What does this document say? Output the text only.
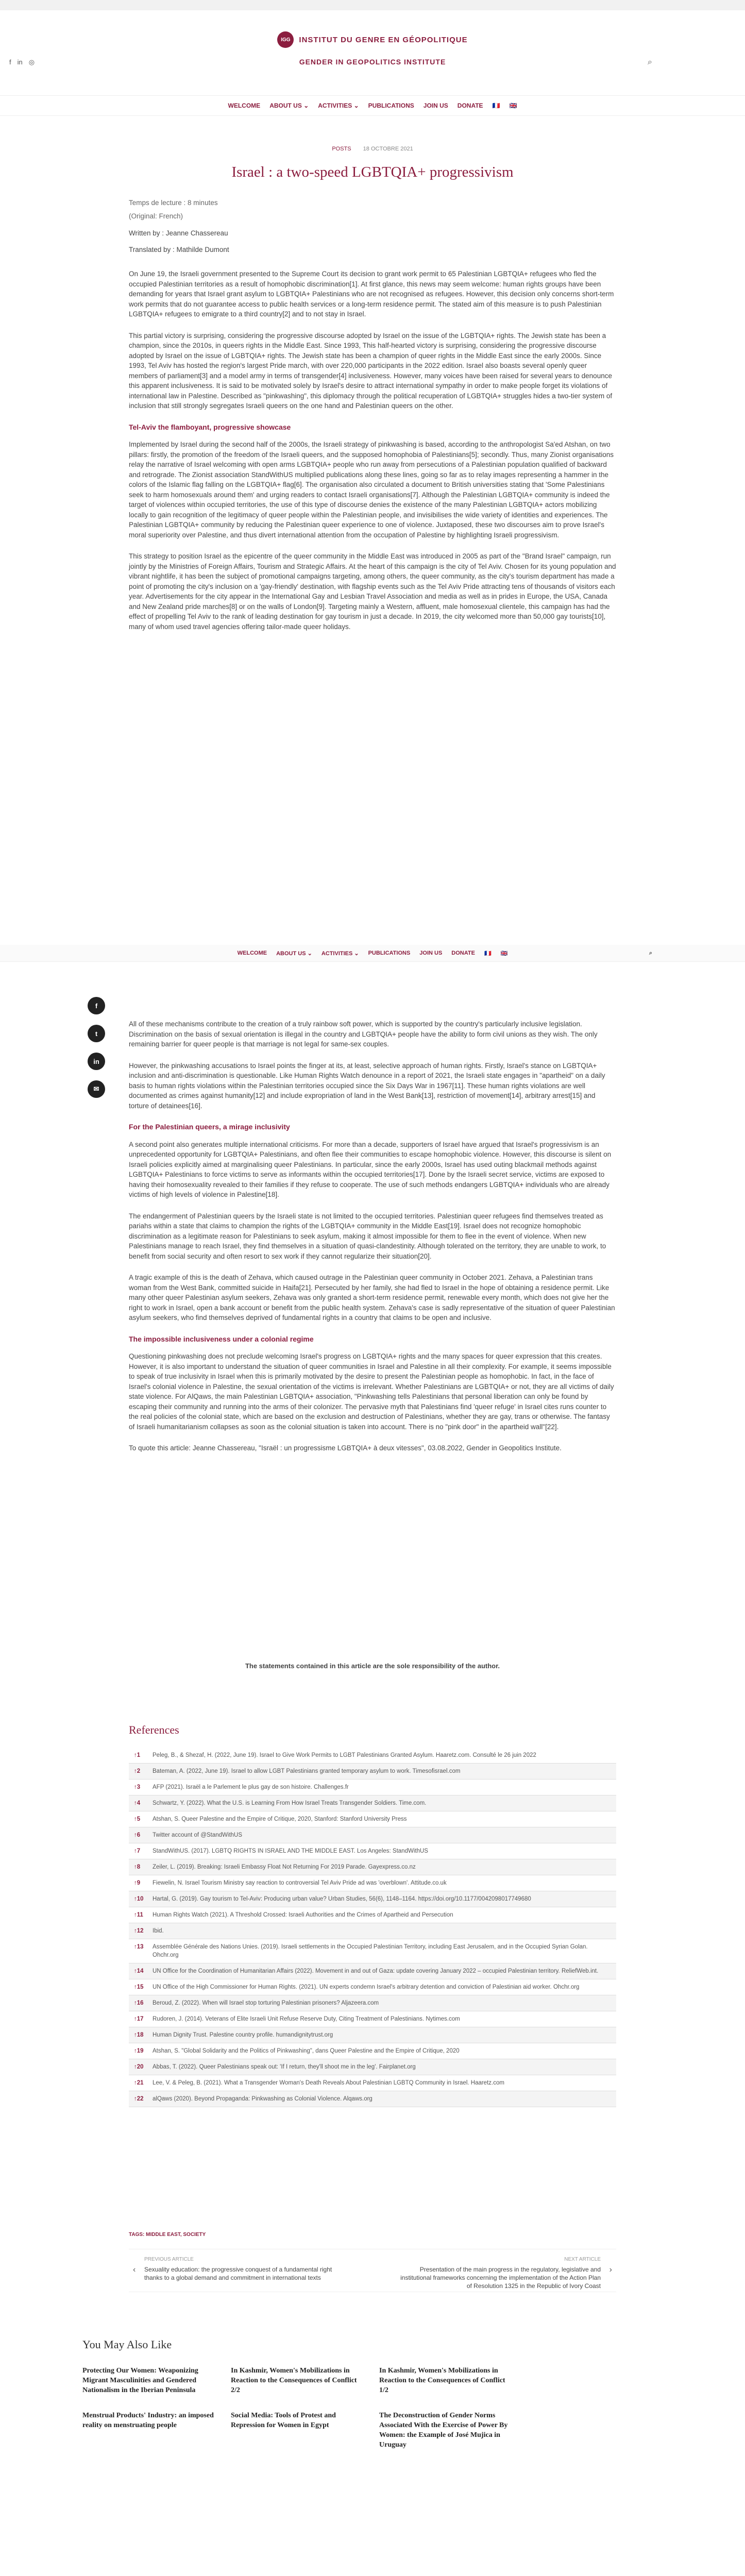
f in ◎
IGG	INSTITUT DU GENRE EN GÉOPOLITIQUE
GENDER IN GEOPOLITICS INSTITUTE	⌕
WELCOME ABOUT US ⌄ ACTIVITIES ⌄ PUBLICATIONS JOIN US DONATE 🇫🇷 🇬🇧
POSTS 18 OCTOBRE 2021
Israel : a two-speed LGBTQIA+ progressivism

Temps de lecture : 8 minutes

(Original: French)

Written by : Jeanne Chassereau

Translated by : Mathilde Dumont

On June 19, the Israeli government presented to the Supreme Court its decision to grant work permit to 65 Palestinian LGBTQIA+ refugees who fled the occupied Palestinian territories as a result of homophobic discrimination[1]. At first glance, this news may seem welcome: human rights groups have been demanding for years that Israel grant asylum to LGBTQIA+ Palestinians who are not recognised as refugees. However, this decision only concerns short-term work permits that do not guarantee access to public health services or a long-term residence permit. The stated aim of this measure is to push Palestinian LGBTQIA+ refugees to emigrate to a third country[2] and to not stay in Israel.

This partial victory is surprising, considering the progressive discourse adopted by Israel on the issue of the LGBTQIA+ rights. The Jewish state has been a champion, since the 2010s, in queers rights in the Middle East. Since 1993, This half-hearted victory is surprising, considering the progressive discourse adopted by Israel on the issue of LGBTQIA+ rights. The Jewish state has been a champion of queer rights in the Middle East since the early 2000s. Since 1993, Tel Aviv has hosted the region's largest Pride march, with over 220,000 participants in the 2022 edition. Israel also boasts several openly queer members of parliament[3] and a model army in terms of transgender[4] inclusiveness. However, many voices have been raised for several years to denounce this apparent inclusiveness. It is said to be motivated solely by Israel's desire to attract international sympathy in order to make people forget its violations of international law in Palestine. Described as "pinkwashing", this diplomacy through the political recuperation of LGBTQIA+ struggles hides a two-tier system of inclusion that still strongly segregates Israeli queers on the one hand and Palestinian queers on the other.

Tel-Aviv the flamboyant, progressive showcase

Implemented by Israel during the second half of the 2000s, the Israeli strategy of pinkwashing is based, according to the anthropologist Sa'ed Atshan, on two pillars: firstly, the promotion of the freedom of the Israeli queers, and the supposed homophobia of Palestinians[5]; secondly. Thus, many Zionist organisations relay the narrative of Israel welcoming with open arms LGBTQIA+ people who run away from persecutions of a Palestinian population qualified of backward and retrograde. The Zionist association StandWithUS multiplied publications along these lines, going so far as to relay images representing a hammer in the colors of the Islamic flag falling on the LGBTQIA+ flag[6]. The organisation also circulated a document to British universities stating that 'Some Palestinians seek to harm homosexuals around them' and urging readers to contact Israeli organisations[7]. Although the Palestinian LGBTQIA+ community is indeed the target of violences within occupied territories, the use of this type of discourse denies the existence of the many Palestinian LGBTQIA+ actors mobilizing locally to gain recognition of the legitimacy of queer people within the Palestinian people, and invisibilises the wide variety of identities and experiences. The Palestinian LGBTQIA+ community by reducing the Palestinian queer experience to one of violence. Juxtaposed, these two discourses aim to prove Israel's moral superiority over Palestine, and thus divert international attention from the occupation of Palestine by highlighting Israeli progressivism.

This strategy to position Israel as the epicentre of the queer community in the Middle East was introduced in 2005 as part of the "Brand Israel" campaign, run jointly by the Ministries of Foreign Affairs, Tourism and Strategic Affairs. At the heart of this campaign is the city of Tel Aviv. Chosen for its young population and vibrant nightlife, it has been the subject of promotional campaigns targeting, among others, the queer community, as the city's tourism department has made a point of promoting the city's inclusion on a 'gay-friendly' destination, with flagship events such as the Tel Aviv Pride attracting tens of thousands of visitors each year. Advertisements for the city appear in the International Gay and Lesbian Travel Association and media as well as in prides in Europe, the USA, Canada and New Zealand pride marches[8] or on the walls of London[9]. Targeting mainly a Western, affluent, male homosexual clientele, this campaign has had the effect of propelling Tel Aviv to the rank of leading destination for gay tourism in just a decade. In 2019, the city welcomed more than 50,000 gay tourists[10], many of whom used travel agencies offering tailor-made queer holidays.

WELCOME ABOUT US ⌄ ACTIVITIES ⌄ PUBLICATIONS JOIN US DONATE 🇫🇷 🇬🇧	⌕
f
t
in
✉

All of these mechanisms contribute to the creation of a truly rainbow soft power, which is supported by the country's particularly inclusive legislation. Discrimination on the basis of sexual orientation is illegal in the country and LGBTQIA+ people have the ability to form civil unions as they wish. The only remaining barrier for queer people is that marriage is not legal for same-sex couples.

However, the pinkwashing accusations to Israel points the finger at its, at least, selective approach of human rights. Firstly, Israel's stance on LGBTQIA+ inclusion and anti-discrimination is questionable. Like Human Rights Watch denounce in a report of 2021, the Israeli state engages in "apartheid" on a daily basis to human rights violations within the Palestinian territories occupied since the Six Days War in 1967[11]. These human rights violations are well documented as crimes against humanity[12] and include expropriation of land in the West Bank[13], restriction of movement[14], arbitrary arrest[15] and torture of detainees[16].

For the Palestinian queers, a mirage inclusivity

A second point also generates multiple international criticisms. For more than a decade, supporters of Israel have argued that Israel's progressivism is an unprecedented opportunity for LGBTQIA+ Palestinians, and often flee their communities to escape homophobic violence. However, this discourse is silent on Israeli policies explicitly aimed at marginalising queer Palestinians. In particular, since the early 2000s, Israel has used outing blackmail methods against LGBTQIA+ Palestinians to force victims to serve as informants within the occupied territories[17]. Done by the Israeli secret service, victims are exposed to having their homosexuality revealed to their families if they refuse to cooperate. The use of such methods endangers LGBTQIA+ individuals who are already victims of high levels of violence in Palestine[18].

The endangerment of Palestinian queers by the Israeli state is not limited to the occupied territories. Palestinian queer refugees find themselves treated as pariahs within a state that claims to champion the rights of the LGBTQIA+ community in the Middle East[19]. Israel does not recognize homophobic discrimination as a legitimate reason for Palestinians to seek asylum, making it almost impossible for them to flee in the event of violence. When new Palestinians manage to reach Israel, they find themselves in a situation of quasi-clandestinity. Although tolerated on the territory, they are unable to work, to benefit from social security and often resort to sex work if they cannot regularize their situation[20].

A tragic example of this is the death of Zehava, which caused outrage in the Palestinian queer community in October 2021. Zehava, a Palestinian trans woman from the West Bank, committed suicide in Haifa[21]. Persecuted by her family, she had fled to Israel in the hope of obtaining a residence permit. Like many other queer Palestinian asylum seekers, Zehava was only granted a short-term residence permit, renewable every month, which does not give her the right to work in Israel, open a bank account or benefit from the public health system. Zehava's case is sadly representative of the situation of queer Palestinian asylum seekers, who find themselves deprived of fundamental rights in a country that claims to be open and inclusive.

The impossible inclusiveness under a colonial regime

Questioning pinkwashing does not preclude welcoming Israel's progress on LGBTQIA+ rights and the many spaces for queer expression that this creates. However, it is also important to understand the situation of queer communities in Israel and Palestine in all their complexity. For example, it seems impossible to speak of true inclusivity in Israel when this is primarily motivated by the desire to present the Palestinian people as homophobic. In fact, in the face of Israel's colonial violence in Palestine, the sexual orientation of the victims is irrelevant. Whether Palestinians are LGBTQIA+ or not, they are all victims of daily state violence. For AlQaws, the main Palestinian LGBTQIA+ association, "Pinkwashing tells Palestinians that personal liberation can only be found by escaping their community and running into the arms of their colonizer. The pervasive myth that Palestinians find 'queer refuge' in Israel cites runs counter to the real policies of the colonial state, which are based on the exclusion and destruction of Palestinians, whether they are gay, trans or otherwise. The fantasy of Israeli humanitarianism collapses as soon as the colonial situation is taken into account. There is no "pink door" in the apartheid wall"[22].

To quote this article: Jeanne Chassereau, "Israël : un progressisme LGBTQIA+ à deux vitesses", 03.08.2022, Gender in Geopolitics Institute.

The statements contained in this article are the sole responsibility of the author.
References
↑1	Peleg, B., & Shezaf, H. (2022, June 19). Israel to Give Work Permits to LGBT Palestinians Granted Asylum. Haaretz.com. Consulté le 26 juin 2022
↑2	Bateman, A. (2022, June 19). Israel to allow LGBT Palestinians granted temporary asylum to work. Timesofisrael.com
↑3	AFP (2021). Israël a le Parlement le plus gay de son histoire. Challenges.fr
↑4	Schwartz, Y. (2022). What the U.S. is Learning From How Israel Treats Transgender Soldiers. Time.com.
↑5	Atshan, S. Queer Palestine and the Empire of Critique, 2020, Stanford: Stanford University Press
↑6	Twitter account of @StandWithUS
↑7	StandWithUS. (2017). LGBTQ RIGHTS IN ISRAEL AND THE MIDDLE EAST. Los Angeles: StandWithUS
↑8	Zeiler, L. (2019). Breaking: Israeli Embassy Float Not Returning For 2019 Parade. Gayexpress.co.nz
↑9	Fiewelin, N. Israel Tourism Ministry say reaction to controversial Tel Aviv Pride ad was 'overblown'. Attitude.co.uk
↑10	Hartal, G. (2019). Gay tourism to Tel-Aviv: Producing urban value? Urban Studies, 56(6), 1148–1164. https://doi.org/10.1177/0042098017749680
↑11	Human Rights Watch (2021). A Threshold Crossed: Israeli Authorities and the Crimes of Apartheid and Persecution
↑12	Ibid.
↑13	Assemblée Générale des Nations Unies. (2019). Israeli settlements in the Occupied Palestinian Territory, including East Jerusalem, and in the Occupied Syrian Golan. Ohchr.org
↑14	UN Office for the Coordination of Humanitarian Affairs (2022). Movement in and out of Gaza: update covering January 2022 – occupied Palestinian territory. ReliefWeb.int.
↑15	UN Office of the High Commissioner for Human Rights. (2021). UN experts condemn Israel's arbitrary detention and conviction of Palestinian aid worker. Ohchr.org
↑16	Beroud, Z. (2022). When will Israel stop torturing Palestinian prisoners? Aljazeera.com
↑17	Rudoren, J. (2014). Veterans of Elite Israeli Unit Refuse Reserve Duty, Citing Treatment of Palestinians. Nytimes.com
↑18	Human Dignity Trust. Palestine country profile. humandignitytrust.org
↑19	Atshan, S. "Global Solidarity and the Politics of Pinkwashing", dans Queer Palestine and the Empire of Critique, 2020
↑20	Abbas, T. (2022). Queer Palestinians speak out: 'If I return, they'll shoot me in the leg'. Fairplanet.org
↑21	Lee, V. & Peleg, B. (2021). What a Transgender Woman's Death Reveals About Palestinian LGBTQ Community in Israel. Haaretz.com
↑22	alQaws (2020). Beyond Propaganda: Pinkwashing as Colonial Violence. Alqaws.org
TAGS: MIDDLE EAST, SOCIETY
‹
PREVIOUS ARTICLE
Sexuality education: the progressive conquest of a fundamental right thanks to a global demand and commitment in international texts
›
NEXT ARTICLE
Presentation of the main progress in the regulatory, legislative and institutional frameworks concerning the implementation of the Action Plan of Resolution 1325 in the Republic of Ivory Coast
You May Also Like
Protecting Our Women: Weaponizing Migrant Masculinities and Gendered Nationalism in the Iberian Peninsula
In Kashmir, Women's Mobilizations in Reaction to the Consequences of Conflict 2/2
In Kashmir, Women's Mobilizations in Reaction to the Consequences of Conflict 1/2
Menstrual Products' Industry: an imposed reality on menstruating people
Social Media: Tools of Protest and Repression for Women in Egypt
The Deconstruction of Gender Norms Associated With the Exercise of Power By Women: the Example of José Mujica in Uruguay
